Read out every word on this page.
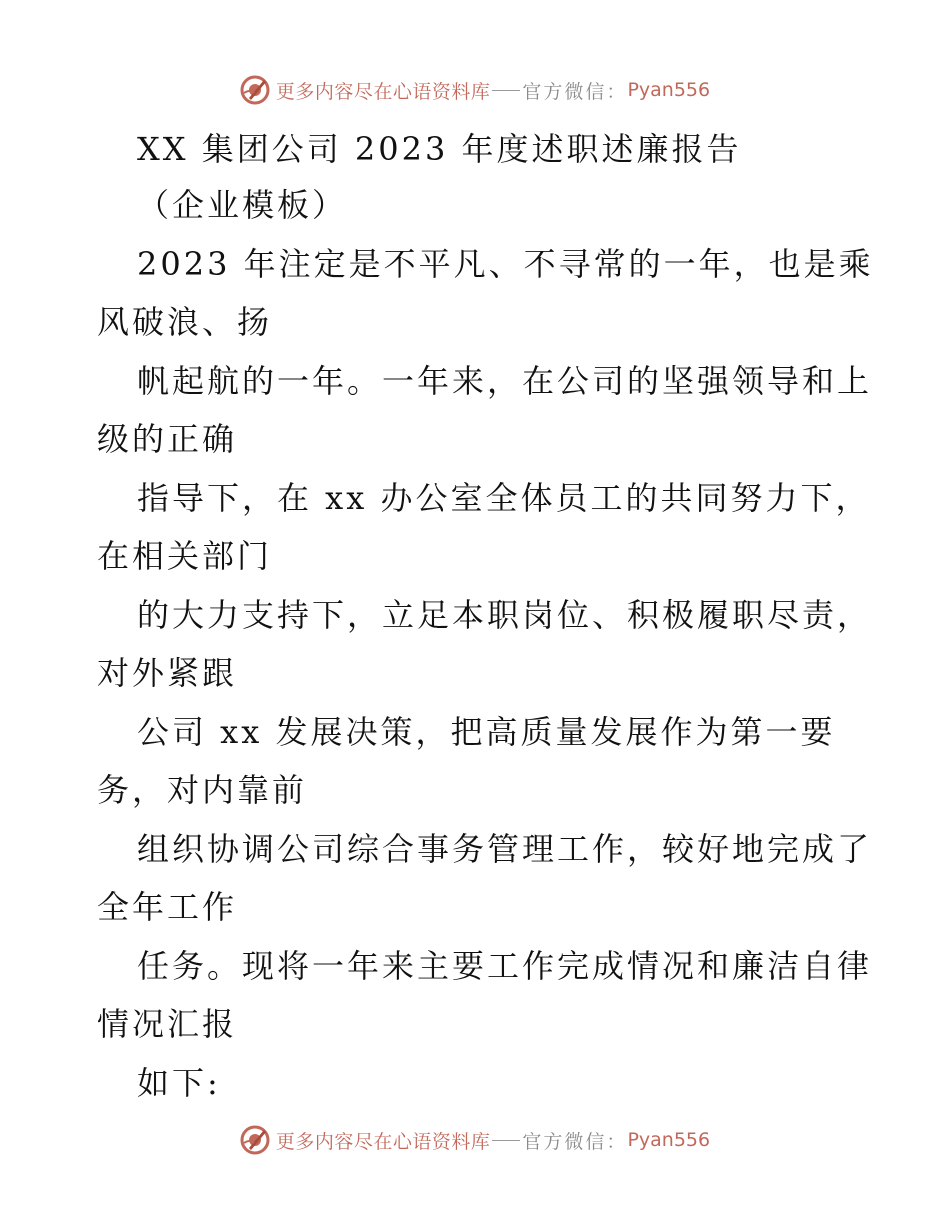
更多内容尽在心语资料库 官方微信： Pyan556
XX 集团公司 2023 年度述职述廉报告
（企业模板）
2023 年注定是不平凡、不寻常的一年，也是乘
风破浪、扬
帆起航的一年。一年来，在公司的坚强领导和上
级的正确
指导下，在 xx 办公室全体员工的共同努力下，
在相关部门
的大力支持下，立足本职岗位、积极履职尽责，
对外紧跟
公司 xx 发展决策，把高质量发展作为第一要
务，对内靠前
组织协调公司综合事务管理工作，较好地完成了
全年工作
任务。现将一年来主要工作完成情况和廉洁自律
情况汇报
如下:
更多内容尽在心语资料库 官方微信： Pyan556
